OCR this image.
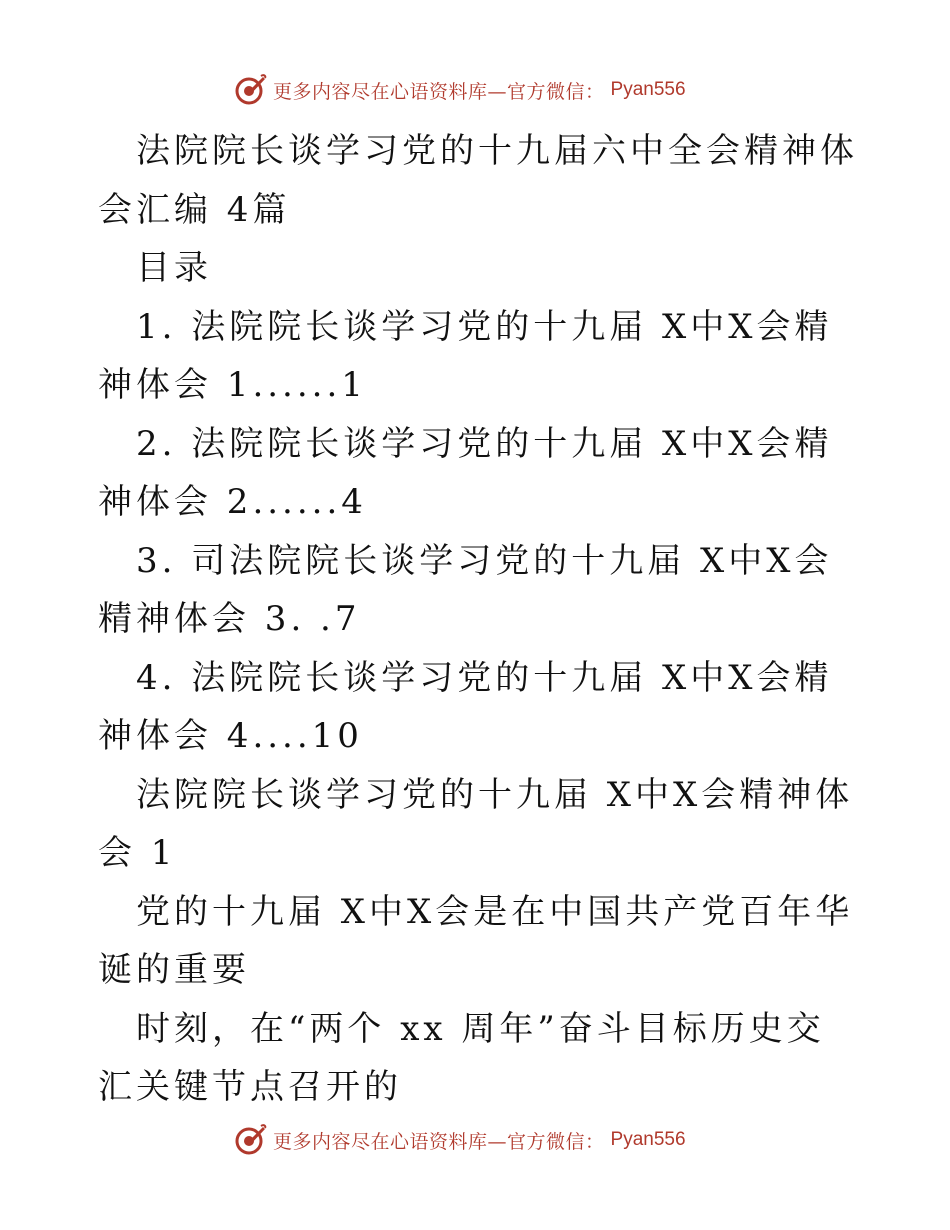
更多内容尽在心语资料库—官方微信： Pyan556

法院院长谈学习党的十九届六中全会精神体会汇编 4篇

目录

1. 法院院长谈学习党的十九届 X中X会精神体会 1......1

2. 法院院长谈学习党的十九届 X中X会精神体会 2......4

3. 司法院院长谈学习党的十九届 X中X会精神体会 3. .7

4. 法院院长谈学习党的十九届 X中X会精神体会 4....10

法院院长谈学习党的十九届 X中X会精神体会 1

党的十九届 X中X会是在中国共产党百年华诞的重要

时刻，在“两个 xx 周年”奋斗目标历史交汇关键节点召开的

更多内容尽在心语资料库—官方微信： Pyan556
